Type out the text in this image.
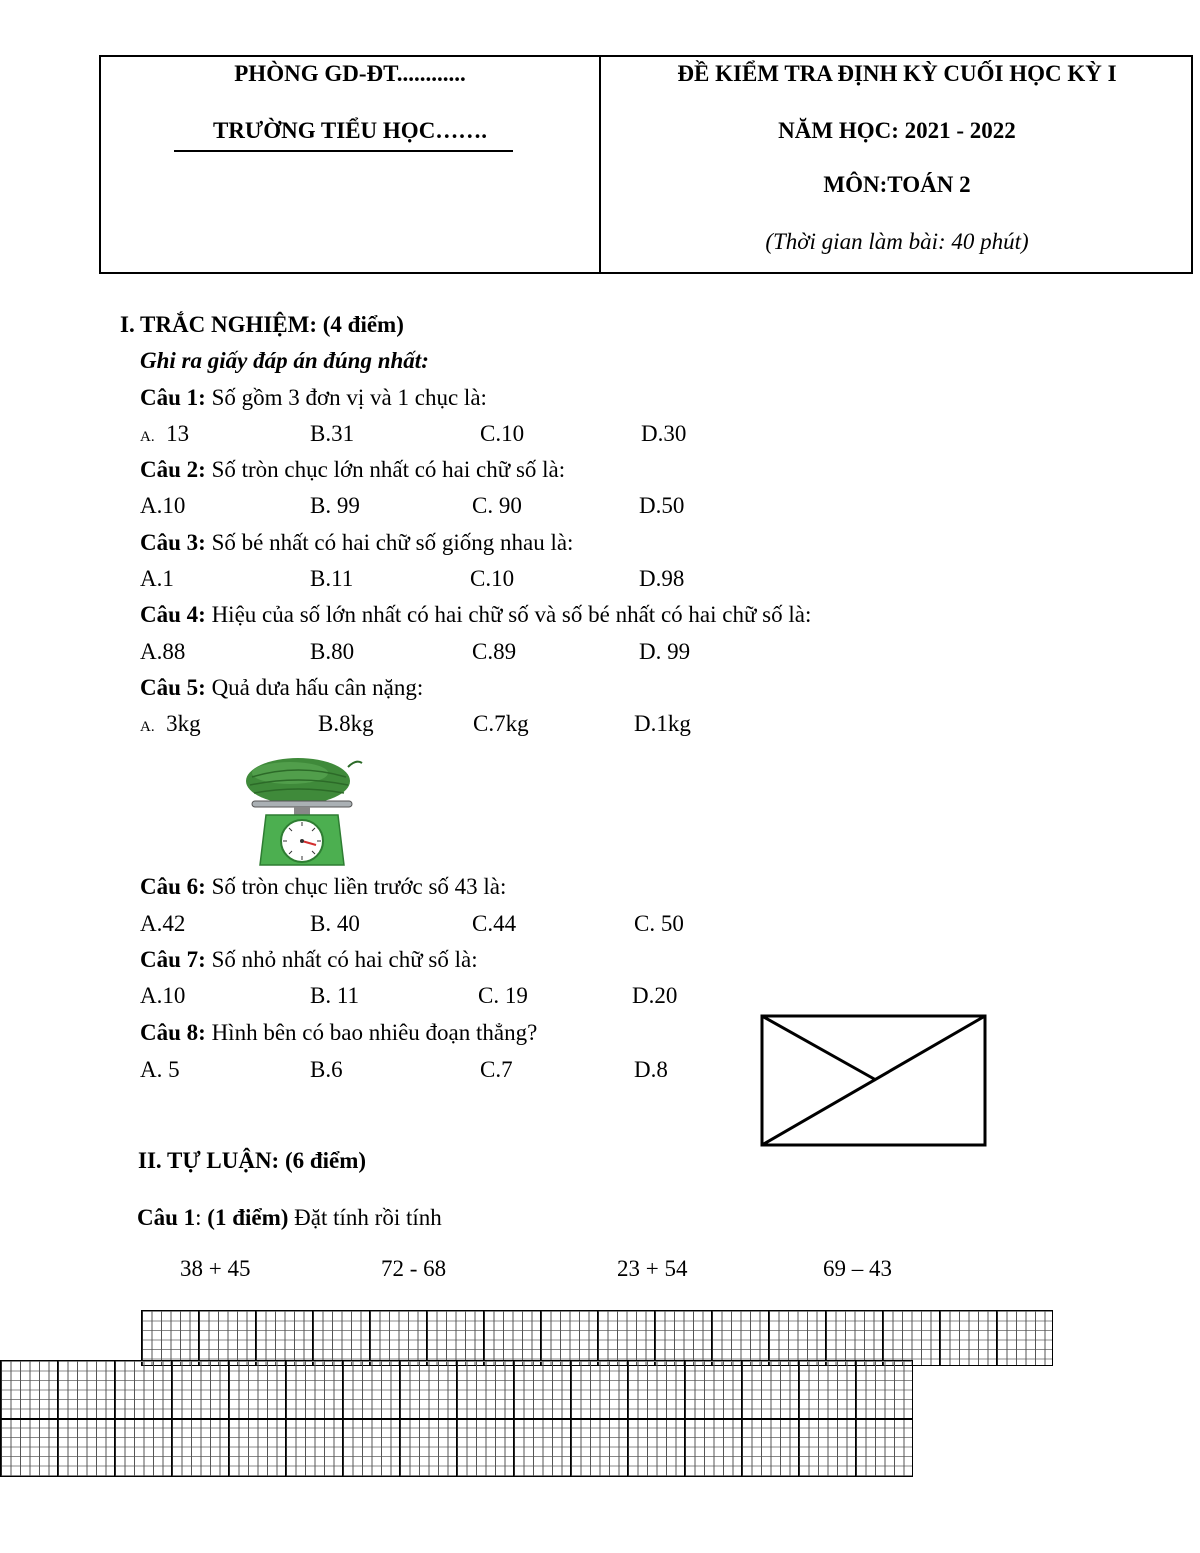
PHÒNG GD-ĐT............
TRƯỜNG TIỂU HỌC…….
ĐỀ KIỂM TRA ĐỊNH KỲ CUỐI HỌC KỲ I
NĂM HỌC: 2021 - 2022
MÔN:TOÁN 2
(Thời gian làm bài: 40 phút)
I. TRẮC NGHIỆM: (4 điểm)
Ghi ra giấy đáp án đúng nhất:
Câu 1: Số gồm 3 đơn vị và 1 chục là:
A. 13	B.31	C.10	D.30
Câu 2: Số tròn chục lớn nhất có hai chữ số là:
A.10	B. 99	C. 90	D.50
Câu 3: Số bé nhất có hai chữ số giống nhau là:
A.1	B.11	C.10	D.98
Câu 4: Hiệu của số lớn nhất có hai chữ số và số bé nhất có hai chữ số là:
A.88	B.80	C.89	D. 99
Câu 5: Quả dưa hấu cân nặng:
A. 3kg	B.8kg	C.7kg	D.1kg
Câu 6: Số tròn chục liền trước số 43 là:
A.42	B. 40	C.44	C. 50
Câu 7: Số nhỏ nhất có hai chữ số là:
A.10	B. 11	C. 19	D.20
Câu 8: Hình bên có bao nhiêu đoạn thẳng?
A. 5	B.6	C.7	D.8
II. TỰ LUẬN: (6 điểm)
Câu 1: (1 điểm) Đặt tính rồi tính
38 + 45	72 - 68	23 + 54	69 – 43
